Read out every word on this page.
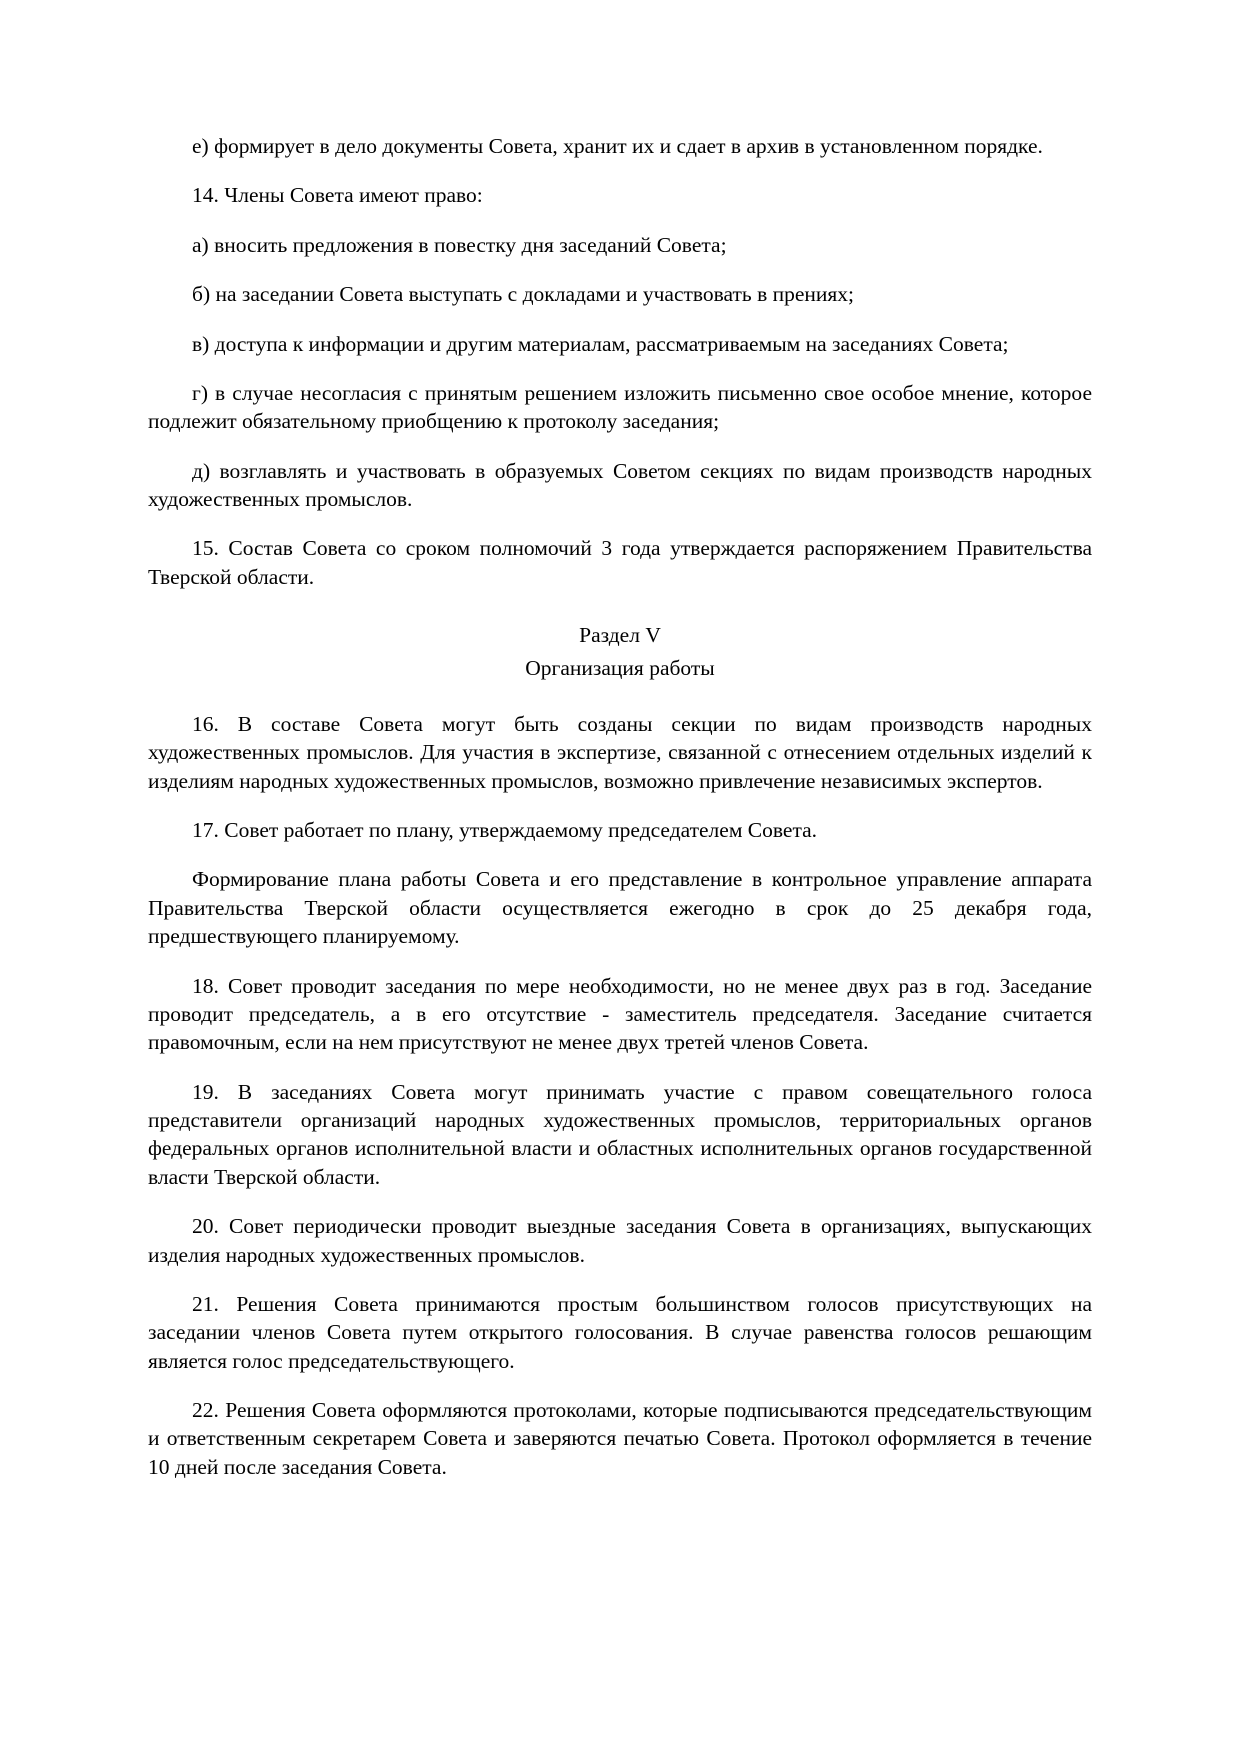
е) формирует в дело документы Совета, хранит их и сдает в архив в установленном порядке.

14. Члены Совета имеют право:

а) вносить предложения в повестку дня заседаний Совета;

б) на заседании Совета выступать с докладами и участвовать в прениях;

в) доступа к информации и другим материалам, рассматриваемым на заседаниях Совета;

г) в случае несогласия с принятым решением изложить письменно свое особое мнение, которое подлежит обязательному приобщению к протоколу заседания;

д) возглавлять и участвовать в образуемых Советом секциях по видам производств народных художественных промыслов.

15. Состав Совета со сроком полномочий 3 года утверждается распоряжением Правительства Тверской области.

Раздел V

Организация работы

16. В составе Совета могут быть созданы секции по видам производств народных художественных промыслов. Для участия в экспертизе, связанной с отнесением отдельных изделий к изделиям народных художественных промыслов, возможно привлечение независимых экспертов.

17. Совет работает по плану, утверждаемому председателем Совета.

Формирование плана работы Совета и его представление в контрольное управление аппарата Правительства Тверской области осуществляется ежегодно в срок до 25 декабря года, предшествующего планируемому.

18. Совет проводит заседания по мере необходимости, но не менее двух раз в год. Заседание проводит председатель, а в его отсутствие - заместитель председателя. Заседание считается правомочным, если на нем присутствуют не менее двух третей членов Совета.

19. В заседаниях Совета могут принимать участие с правом совещательного голоса представители организаций народных художественных промыслов, территориальных органов федеральных органов исполнительной власти и областных исполнительных органов государственной власти Тверской области.

20. Совет периодически проводит выездные заседания Совета в организациях, выпускающих изделия народных художественных промыслов.

21. Решения Совета принимаются простым большинством голосов присутствующих на заседании членов Совета путем открытого голосования. В случае равенства голосов решающим является голос председательствующего.

22. Решения Совета оформляются протоколами, которые подписываются председательствующим и ответственным секретарем Совета и заверяются печатью Совета. Протокол оформляется в течение 10 дней после заседания Совета.
